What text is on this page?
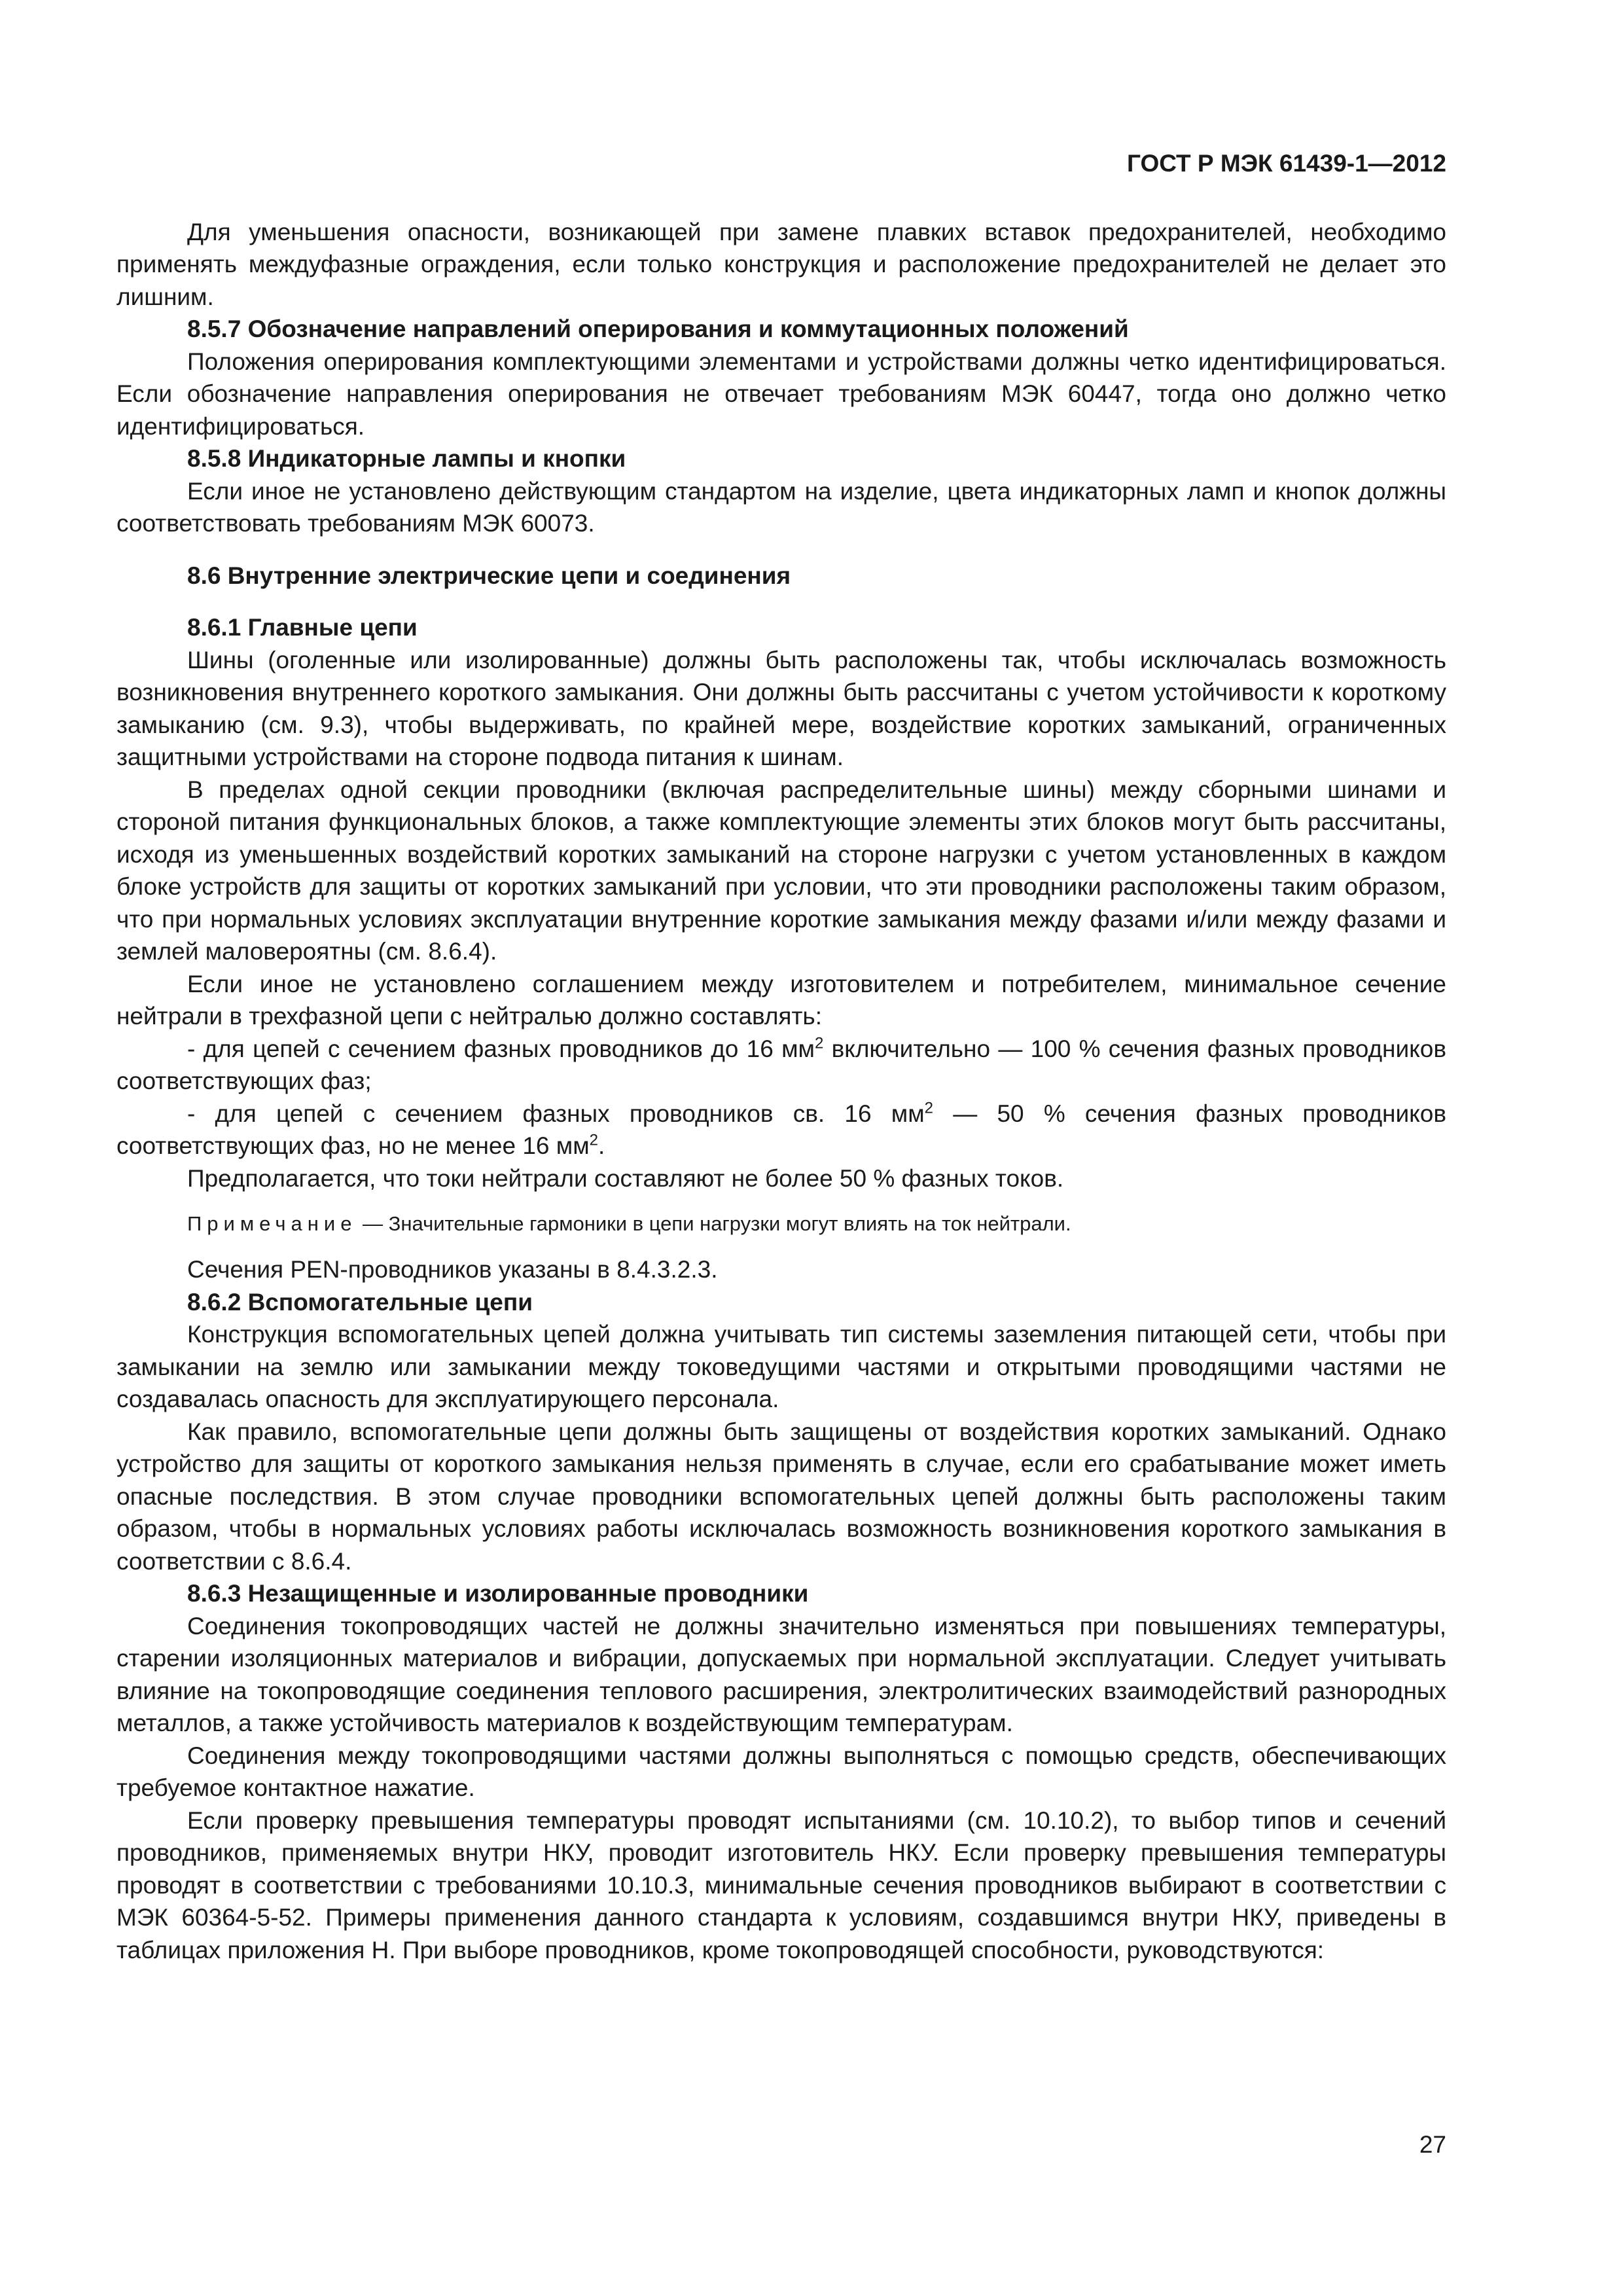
ГОСТ Р МЭК 61439-1—2012

Для уменьшения опасности, возникающей при замене плавких вставок предохранителей, необходимо применять междуфазные ограждения, если только конструкция и расположение предохранителей не делает это лишним.

8.5.7 Обозначение направлений оперирования и коммутационных положений

Положения оперирования комплектующими элементами и устройствами должны четко идентифицироваться. Если обозначение направления оперирования не отвечает требованиям МЭК 60447, тогда оно должно четко идентифицироваться.

8.5.8 Индикаторные лампы и кнопки

Если иное не установлено действующим стандартом на изделие, цвета индикаторных ламп и кнопок должны соответствовать требованиям МЭК 60073.

8.6 Внутренние электрические цепи и соединения
8.6.1 Главные цепи

Шины (оголенные или изолированные) должны быть расположены так, чтобы исключалась возможность возникновения внутреннего короткого замыкания. Они должны быть рассчитаны с учетом устойчивости к короткому замыканию (см. 9.3), чтобы выдерживать, по крайней мере, воздействие коротких замыканий, ограниченных защитными устройствами на стороне подвода питания к шинам.

В пределах одной секции проводники (включая распределительные шины) между сборными шинами и стороной питания функциональных блоков, а также комплектующие элементы этих блоков могут быть рассчитаны, исходя из уменьшенных воздействий коротких замыканий на стороне нагрузки с учетом установленных в каждом блоке устройств для защиты от коротких замыканий при условии, что эти проводники расположены таким образом, что при нормальных условиях эксплуатации внутренние короткие замыкания между фазами и/или между фазами и землей маловероятны (см. 8.6.4).

Если иное не установлено соглашением между изготовителем и потребителем, минимальное сечение нейтрали в трехфазной цепи с нейтралью должно составлять:

- для цепей с сечением фазных проводников до 16 $мм^2$ включительно — 100 % сечения фазных проводников соответствующих фаз;

- для цепей с сечением фазных проводников св. 16 $мм^2$ — 50 % сечения фазных проводников соответствующих фаз, но не менее 16 $мм^2$.

Предполагается, что токи нейтрали составляют не более 50 % фазных токов.

Примечание — Значительные гармоники в цепи нагрузки могут влиять на ток нейтрали.

Сечения PEN-проводников указаны в 8.4.3.2.3.

8.6.2 Вспомогательные цепи

Конструкция вспомогательных цепей должна учитывать тип системы заземления питающей сети, чтобы при замыкании на землю или замыкании между токоведущими частями и открытыми проводящими частями не создавалась опасность для эксплуатирующего персонала.

Как правило, вспомогательные цепи должны быть защищены от воздействия коротких замыканий. Однако устройство для защиты от короткого замыкания нельзя применять в случае, если его срабатывание может иметь опасные последствия. В этом случае проводники вспомогательных цепей должны быть расположены таким образом, чтобы в нормальных условиях работы исключалась возможность возникновения короткого замыкания в соответствии с 8.6.4.

8.6.3 Незащищенные и изолированные проводники

Соединения токопроводящих частей не должны значительно изменяться при повышениях температуры, старении изоляционных материалов и вибрации, допускаемых при нормальной эксплуатации. Следует учитывать влияние на токопроводящие соединения теплового расширения, электролитических взаимодействий разнородных металлов, а также устойчивость материалов к воздействующим температурам.

Соединения между токопроводящими частями должны выполняться с помощью средств, обеспечивающих требуемое контактное нажатие.

Если проверку превышения температуры проводят испытаниями (см. 10.10.2), то выбор типов и сечений проводников, применяемых внутри НКУ, проводит изготовитель НКУ. Если проверку превышения температуры проводят в соответствии с требованиями 10.10.3, минимальные сечения проводников выбирают в соответствии с МЭК 60364-5-52. Примеры применения данного стандарта к условиям, создавшимся внутри НКУ, приведены в таблицах приложения Н. При выборе проводников, кроме токопроводящей способности, руководствуются:

27
